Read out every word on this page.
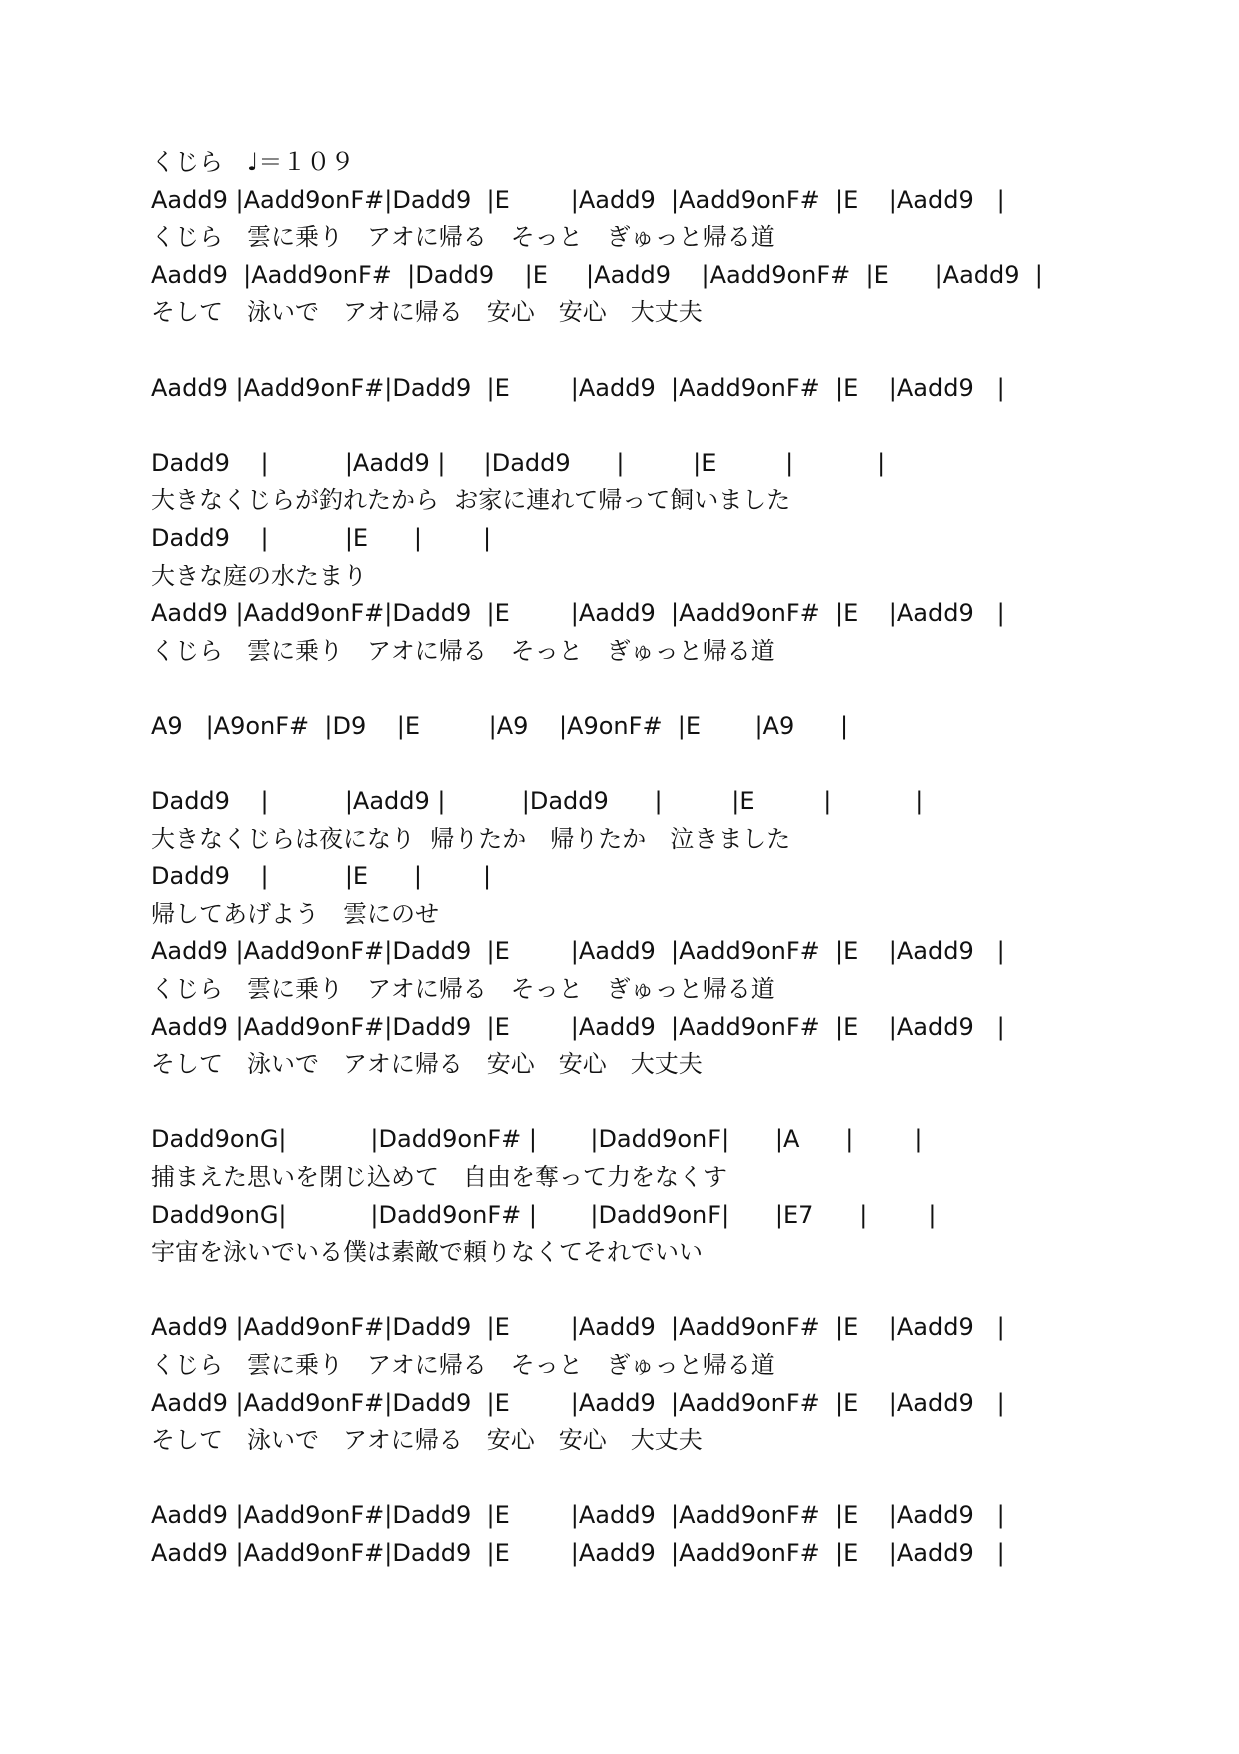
くじら　♩＝１０９
Aadd9 |Aadd9onF#|Dadd9  |E        |Aadd9  |Aadd9onF#  |E    |Aadd9   |
くじら　雲に乗り　アオに帰る　そっと　ぎゅっと帰る道
Aadd9  |Aadd9onF#  |Dadd9    |E     |Aadd9    |Aadd9onF#  |E      |Aadd9  |
そして　泳いで　アオに帰る　安心　安心　大丈夫
Aadd9 |Aadd9onF#|Dadd9  |E        |Aadd9  |Aadd9onF#  |E    |Aadd9   |
Dadd9    |          |Aadd9 |     |Dadd9      |         |E         |           |
大きなくじらが釣れたから  お家に連れて帰って飼いました
Dadd9    |          |E      |        |
大きな庭の水たまり
Aadd9 |Aadd9onF#|Dadd9  |E        |Aadd9  |Aadd9onF#  |E    |Aadd9   |
くじら　雲に乗り　アオに帰る　そっと　ぎゅっと帰る道
A9   |A9onF#  |D9    |E         |A9    |A9onF#  |E       |A9      |
Dadd9    |          |Aadd9 |          |Dadd9      |         |E         |           |
大きなくじらは夜になり  帰りたか　帰りたか　泣きました
Dadd9    |          |E      |        |
帰してあげよう　雲にのせ
Aadd9 |Aadd9onF#|Dadd9  |E        |Aadd9  |Aadd9onF#  |E    |Aadd9   |
くじら　雲に乗り　アオに帰る　そっと　ぎゅっと帰る道
Aadd9 |Aadd9onF#|Dadd9  |E        |Aadd9  |Aadd9onF#  |E    |Aadd9   |
そして　泳いで　アオに帰る　安心　安心　大丈夫
Dadd9onG|           |Dadd9onF# |       |Dadd9onF|      |A      |        |
捕まえた思いを閉じ込めて　自由を奪って力をなくす
Dadd9onG|           |Dadd9onF# |       |Dadd9onF|      |E7      |        |
宇宙を泳いでいる僕は素敵で頼りなくてそれでいい
Aadd9 |Aadd9onF#|Dadd9  |E        |Aadd9  |Aadd9onF#  |E    |Aadd9   |
くじら　雲に乗り　アオに帰る　そっと　ぎゅっと帰る道
Aadd9 |Aadd9onF#|Dadd9  |E        |Aadd9  |Aadd9onF#  |E    |Aadd9   |
そして　泳いで　アオに帰る　安心　安心　大丈夫
Aadd9 |Aadd9onF#|Dadd9  |E        |Aadd9  |Aadd9onF#  |E    |Aadd9   |
Aadd9 |Aadd9onF#|Dadd9  |E        |Aadd9  |Aadd9onF#  |E    |Aadd9   |
